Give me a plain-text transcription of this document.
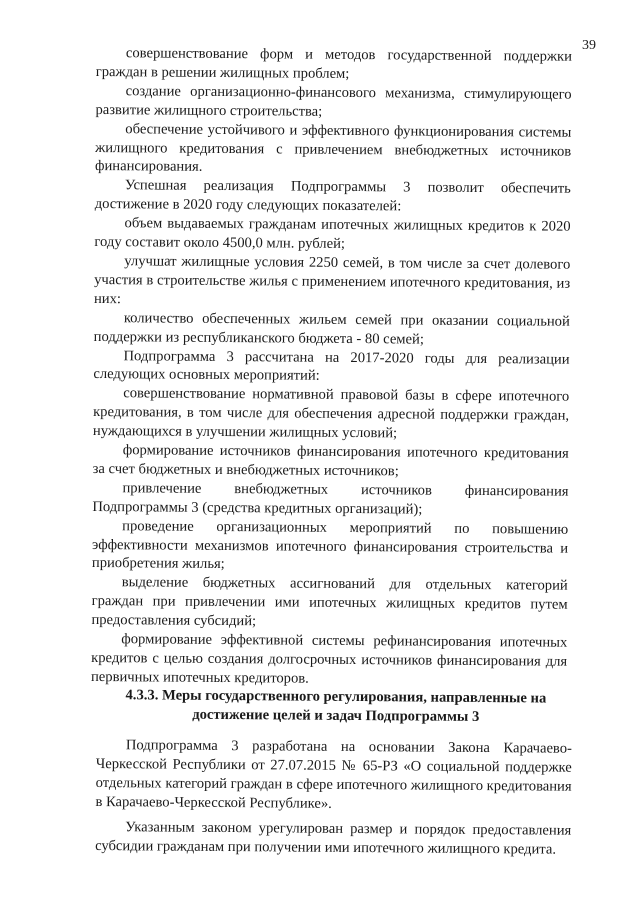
39

совершенствование форм и методов государственной поддержки граждан в решении жилищных проблем;

создание организационно-финансового механизма, стимулирующего развитие жилищного строительства;

обеспечение устойчивого и эффективного функционирования системы жилищного кредитования с привлечением внебюджетных источников финансирования.

Успешная реализация Подпрограммы 3 позволит обеспечить достижение в 2020 году следующих показателей:

объем выдаваемых гражданам ипотечных жилищных кредитов к 2020 году составит около 4500,0 млн. рублей;

улучшат жилищные условия 2250 семей, в том числе за счет долевого участия в строительстве жилья с применением ипотечного кредитования, из них:

количество обеспеченных жильем семей при оказании социальной поддержки из республиканского бюджета - 80 семей;

Подпрограмма 3 рассчитана на 2017-2020 годы для реализации следующих основных мероприятий:

совершенствование нормативной правовой базы в сфере ипотечного кредитования, в том числе для обеспечения адресной поддержки граждан, нуждающихся в улучшении жилищных условий;

формирование источников финансирования ипотечного кредитования за счет бюджетных и внебюджетных источников;

привлечение внебюджетных источников финансирования Подпрограммы 3 (средства кредитных организаций);

проведение организационных мероприятий по повышению эффективности механизмов ипотечного финансирования строительства и приобретения жилья;

выделение бюджетных ассигнований для отдельных категорий граждан при привлечении ими ипотечных жилищных кредитов путем предоставления субсидий;

формирование эффективной системы рефинансирования ипотечных кредитов с целью создания долгосрочных источников финансирования для первичных ипотечных кредиторов.

4.3.3. Меры государственного регулирования, направленные на достижение целей и задач Подпрограммы 3

Подпрограмма 3 разработана на основании Закона Карачаево-Черкесской Республики от 27.07.2015 № 65-РЗ «О социальной поддержке отдельных категорий граждан в сфере ипотечного жилищного кредитования в Карачаево-Черкесской Республике».

Указанным законом урегулирован размер и порядок предоставления субсидии гражданам при получении ими ипотечного жилищного кредита.
